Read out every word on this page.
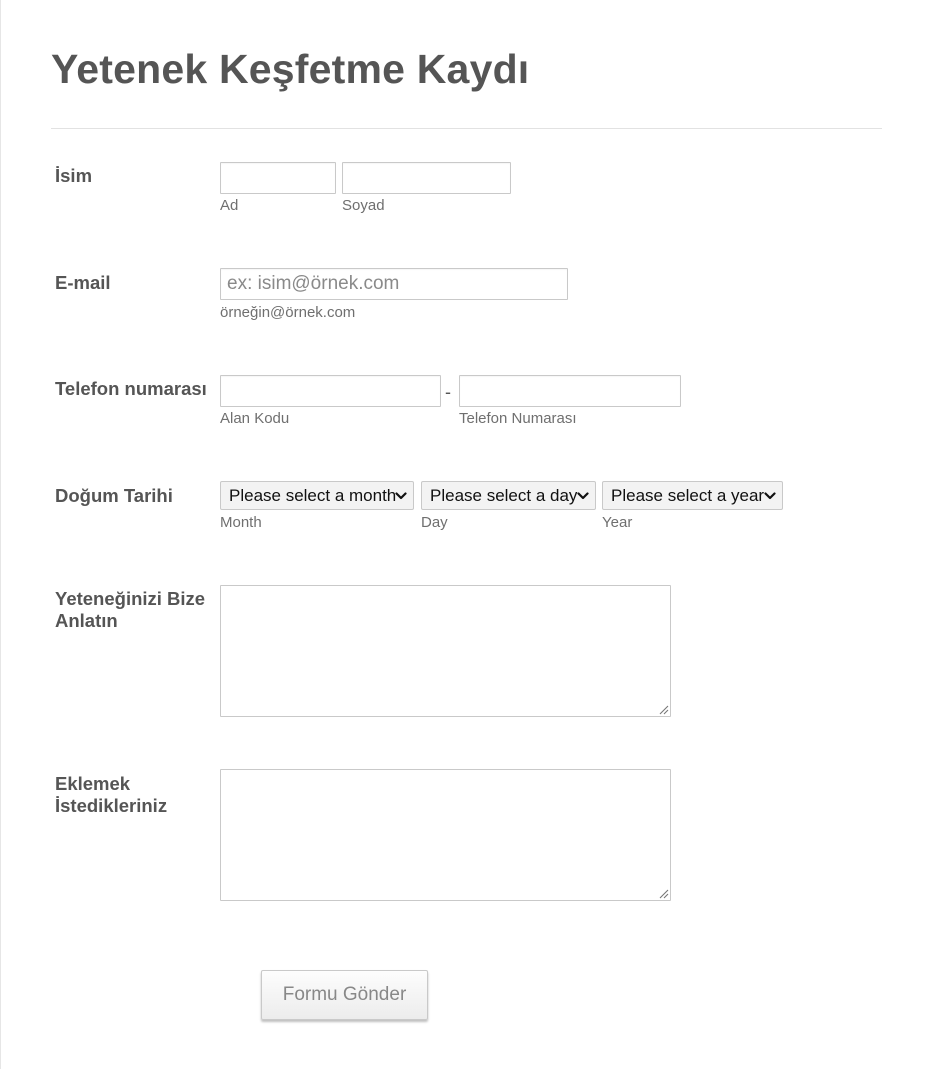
Yetenek Keşfetme Kaydı
İsim
Ad	Soyad
E-mail	ex: isim@örnek.com
örneğin@örnek.com
Telefon numarası	-
Alan Kodu	Telefon Numarası
Doğum Tarihi	Please select a month	Please select a day	Please select a year
Month	Day	Year
Yeteneğinizi Bize
Anlatın
Eklemek
İstedikleriniz
Formu Gönder
